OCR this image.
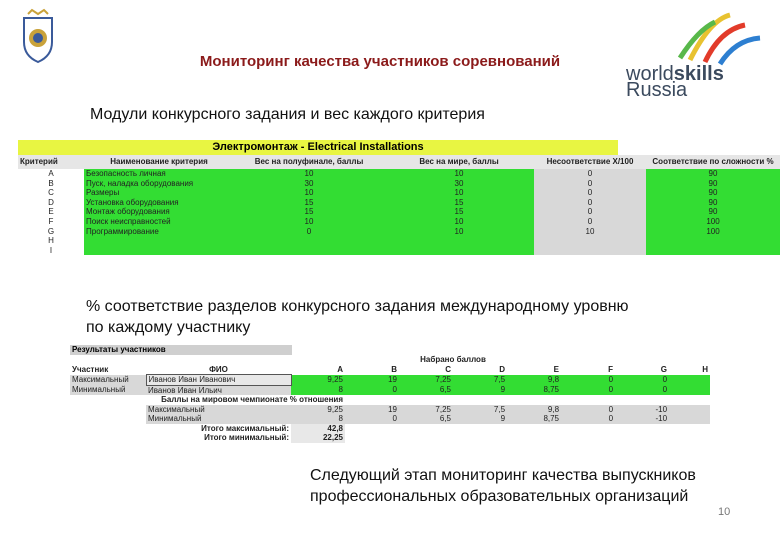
Мониторинг качества участников соревнований
worldskills
Russia
Модули конкурсного задания и вес каждого критерия
Электромонтаж - Electrical Installations
Критерий	Наименование критерия	Вес на полуфинале, баллы	Вес на мире, баллы	Несоответствие Х/100	Соответствие по сложности %
A	Безопасность личная	10	10	0	90
B	Пуск, наладка оборудования	30	30	0	90
C	Размеры	10	10	0	90
D	Установка оборудования	15	15	0	90
E	Монтаж оборудования	15	15	0	90
F	Поиск неисправностей	10	10	0	100
G	Программирование	0	10	10	100
H					
I					
% соответствие разделов конкурсного задания международному уровню
по каждому участнику
Результаты участников
				Набрано баллов					
Участник	ФИО	A	B	C	D	E	F	G	H
Максимальный	Иванов Иван Иванович	9,25	19	7,25	7,5	9,8	0	0	
Минимальный	Иванов Иван Ильич	8	0	6,5	9	8,75	0	0	
Баллы на мировом чемпионате % отношения									
	Максимальный	9,25	19	7,25	7,5	9,8	0	-10	
	Минимальный	8	0	6,5	9	8,75	0	-10	
	Итого максимальный:	42,8							
	Итого минимальный:	22,25							
Следующий этап мониторинг качества выпускников
профессиональных образовательных организаций
10
